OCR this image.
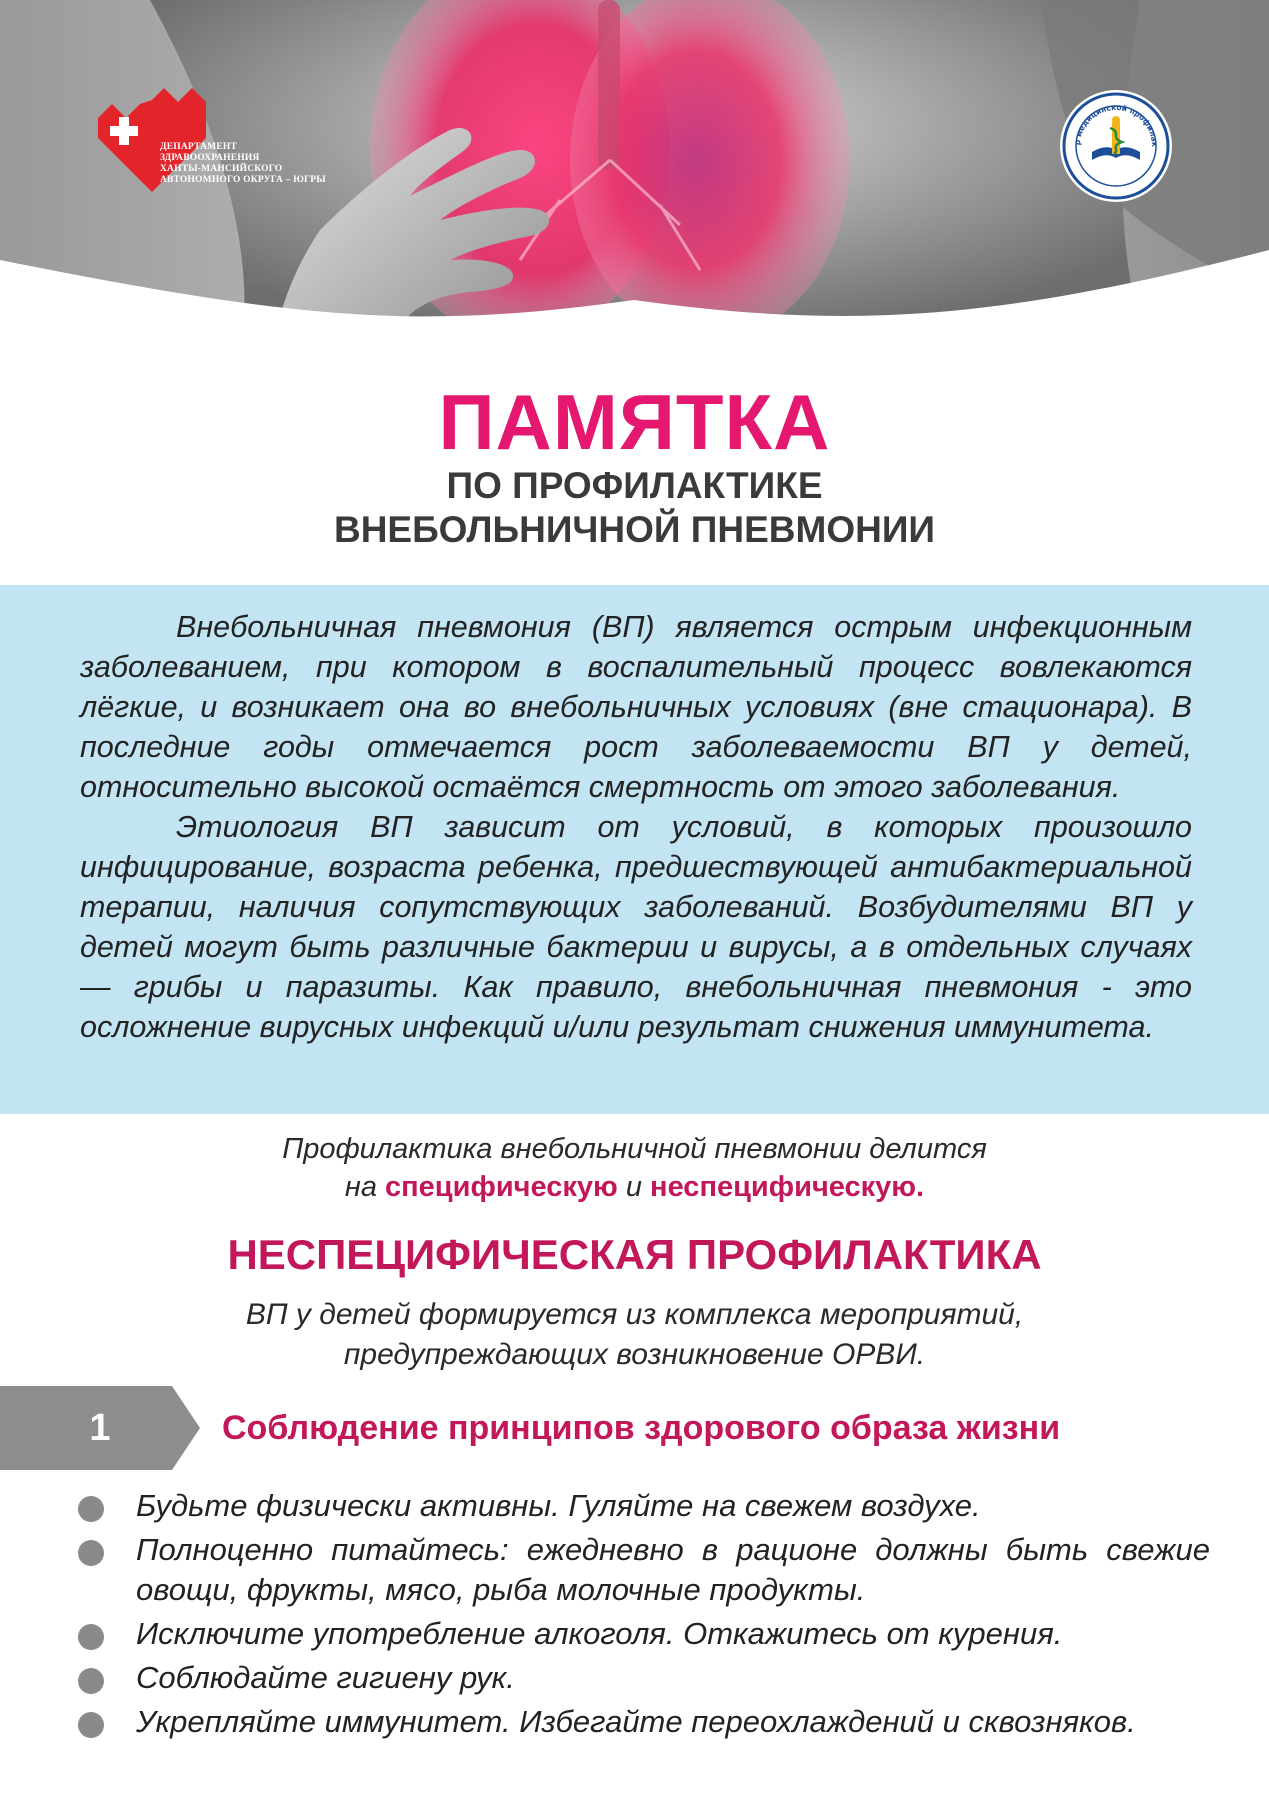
ДЕПАРТАМЕНТ
ЗДРАВООХРАНЕНИЯ
ХАНТЫ-МАНСИЙСКОГО
АВТОНОМНОГО ОКРУГА – ЮГРЫ
р медицинской профилак
ПАМЯТКА

ПО ПРОФИЛАКТИКЕ

ВНЕБОЛЬНИЧНОЙ ПНЕВМОНИИ

Внебольничная пневмония (ВП) является острым инфекционным заболеванием, при котором в воспалительный процесс вовлекаются лёгкие, и возникает она во внебольничных условиях (вне стационара). В последние годы отмечается рост заболеваемости ВП у детей, относительно высокой остаётся смертность от этого заболевания.

Этиология ВП зависит от условий, в которых произошло инфицирование, возраста ребенка, предшествующей антибактериальной терапии, наличия сопутствующих заболеваний. Возбудителями ВП у детей могут быть различные бактерии и вирусы, а в отдельных случаях — грибы и паразиты. Как правило, внебольничная пневмония - это осложнение вирусных инфекций и/или результат снижения иммунитета.

Профилактика внебольничной пневмонии делится
на специфическую и неспецифическую.
НЕСПЕЦИФИЧЕСКАЯ ПРОФИЛАКТИКА
ВП у детей формируется из комплекса мероприятий,
предупреждающих возникновение ОРВИ.
1	Соблюдение принципов здорового образа жизни
Будьте физически активны. Гуляйте на свежем воздухе.
Полноценно питайтесь: ежедневно в рационе должны быть свежие овощи, фрукты, мясо, рыба молочные продукты.
Исключите употребление алкоголя. Откажитесь от курения.
Соблюдайте гигиену рук.
Укрепляйте иммунитет. Избегайте переохлаждений и сквозняков.
